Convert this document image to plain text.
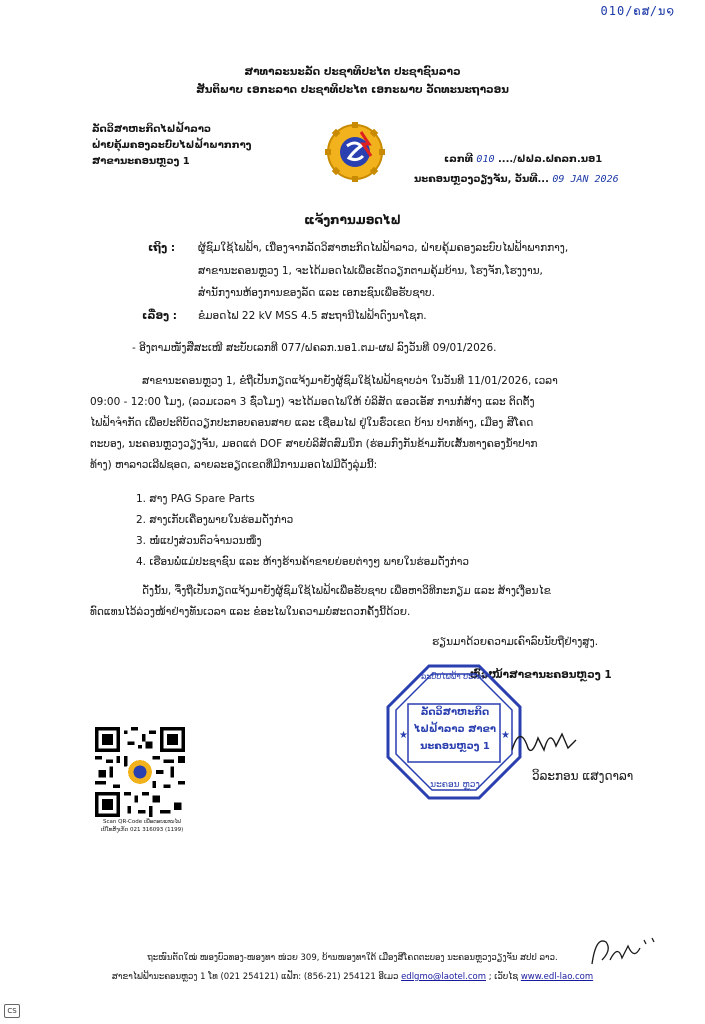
010/ຄສ/ນ໑
ສາທາລະນະລັດ ປະຊາທິປະໄຕ ປະຊາຊົນລາວ
ສັນຕິພາບ ເອກະລາດ ປະຊາທິປະໄຕ ເອກະພາບ ວັດທະນະຖາວອນ
ລັດວິສາຫະກິດໄຟຟ້າລາວ
ຝ່າຍຄຸ້ມຄອງລະບົບໄຟຟ້າພາກກາງ
ສາຂານະຄອນຫຼວງ 1	ເລກທີ 010 ..../ຟຟລ.ຝຄລກ.ນອ1
ນະຄອນຫຼວງວຽງຈັນ, ວັນທີ... 09 JAN 2026
ແຈ້ງການມອດໄຟ
ເຖິງ : ຜູ້ຊົມໃຊ້ໄຟຟ້າ, ເນື່ອງຈາກລັດວິສາຫະກິດໄຟຟ້າລາວ, ຝ່າຍຄຸ້ມຄອງລະບົບໄຟຟ້າພາກກາງ,
ສາຂານະຄອນຫຼວງ 1, ຈະໄດ້ມອດໄຟເພື່ອເຮັດວຽກຕາມຄຸ້ມບ້ານ, ໂຮງຈັກ,ໂຮງງານ,
ສຳນັກງານຫ້ອງການຂອງລັດ ແລະ ເອກະຊົນເພື່ອຮັບຊາບ.
ເລື່ອງ : ຂໍມອດໄຟ 22 kV MSS 4.5 ສະຖານີໄຟຟ້າດົງນາໂຊກ.
- ອີງຕາມໜັງສືສະເໜີ ສະບັບເລກທີ 077/ຝຄລກ.ນອ1.ຕມ-ຜຟ ລົງວັນທີ 09/01/2026.
ສາຂານະຄອນຫຼວງ 1, ຂໍຖືເປັນກຽດແຈ້ງມາຍັງຜູ້ຊົມໃຊ້ໄຟຟ້າຊາບວ່າ ໃນວັນທີ 11/01/2026, ເວລາ
09:00 - 12:00 ໂມງ, (ລວມເວລາ 3 ຊົ່ວໂມງ) ຈະໄດ້ມອດໄຟໃຫ້ ບໍລິສັດ ແອວເອັສ ການກໍ່ສ້າງ ແລະ ຕິດຕັ້ງ
ໄຟຟ້າຈຳກັດ ເພື່ອປະຕິບັດວຽກປະກອບຄອນສາຍ ແລະ ເຊື່ອມໄຟ ຢູ່ໃນຮົ່ວເຂດ ບ້ານ ປາກທ້າງ, ເມືອງ ສີໂຄດ
ຕະບອງ, ນະຄອນຫຼວງວຽງຈັນ, ມອດແຕ່ DOF ສາຍບໍລິສັດສົມນຶກ (ຮ່ອມກົງກັນຂ້າມກັບເສັ້ນທາງຄອງນ້ຳປາກ
ທ້າງ) ຫາລາວເລີຟຊອດ, ລາຍລະອຽດເຂດທີ່ມີການມອດໄຟມີດັ່ງລຸ່ມນີ້:
1. ສາງ PAG Spare Parts
2. ສາງເກັບເຄື່ອງພາຍໃນຮ່ອມດັ່ງກ່າວ
3. ໜໍ່ແປງສ່ວນຕົວຈຳນວນໜຶ່ງ
4. ເຮືອນພໍ່ແມ່ປະຊາຊົນ ແລະ ຫ້າງຮ້ານຄ້າຂາຍຍ່ອຍຕ່າງໆ ພາຍໃນຮ່ອມດັ່ງກ່າວ
ດັ່ງນັ້ນ, ຈຶ່ງຖືເປັນກຽດແຈ້ງມາຍັງຜູ້ຊົມໃຊ້ໄຟຟ້າເພື່ອຮັບຊາບ ເພື່ອຫາວິທີກະກຽມ ແລະ ສ້າງເງື່ອນໄຂ
ທົດແທນໄວ້ລ່ວງໜ້າຢ່າງທັນເວລາ ແລະ ຂໍອະໄພໃນຄວາມບໍ່ສະດວກຄັ້ງນີ້ດ້ວຍ.
ຮຽນມາດ້ວຍຄວາມເຄົາລົບນັບຖືຢ່າງສູງ.
ຫົວໜ້າສາຂານະຄອນຫຼວງ 1
★	★
ລະບົບໄຟຟ້າ ປະເທດ
ລັດວິສາຫະກິດ
ໄຟຟ້າລາວ ສາຂາ
ນະຄອນຫຼວງ 1
ນະຄອນ ຫຼວງ
ວິລະກອນ ແສງດາລາ
Scan QR-Code ເພື່ອຕອບແທນໄຟ
ເບີໂທສັງເກັດ 021 316093 (1199)
ຖະໜົນຕັດໃໝ່ ໜອງບົວທອງ-ໜອງທາ ໜ່ວຍ 309, ບ້ານໜອງທາໃຕ້ ເມືອງສີໂຄດຕະບອງ ນະຄອນຫຼວງວຽງຈັນ ສປປ ລາວ.
ສາຂາໄຟຟ້ານະຄອນຫຼວງ 1 ໂທ (021 254121) ແຟັກ: (856-21) 254121 ອີເມວ edlgmo@laotel.com ; ເວັບໄຊ www.edl-lao.com
CS
